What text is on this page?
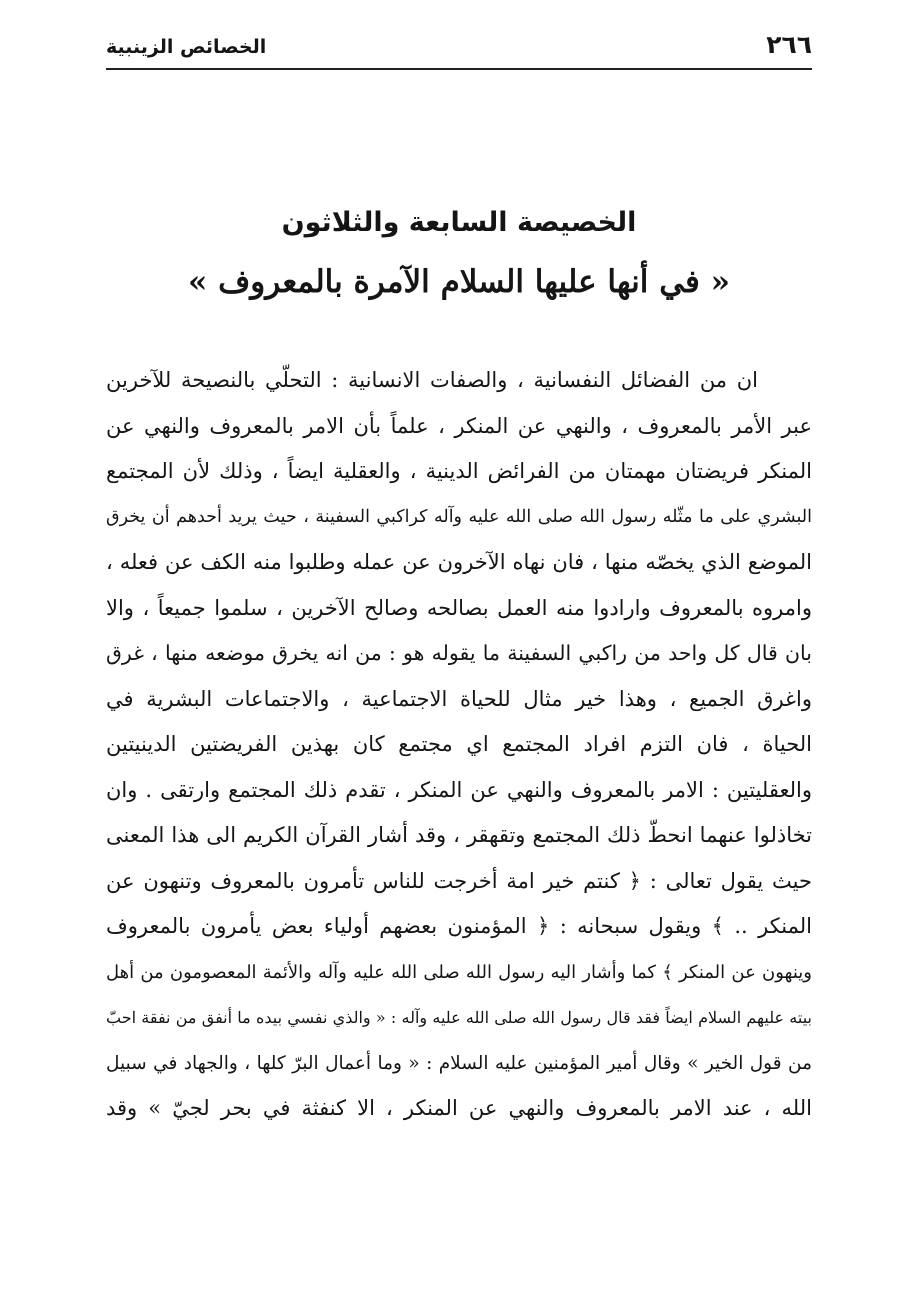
٢٦٦
الخصائص الزينبية
الخصيصة السابعة والثلاثون
« في أنها عليها السلام الآمرة بالمعروف »
ان من الفضائل النفسانية ، والصفات الانسانية : التحلّي بالنصيحة للآخرين
عبر الأمر بالمعروف ، والنهي عن المنكر ، علماً بأن الامر بالمعروف والنهي عن
المنكر فريضتان مهمتان من الفرائض الدينية ، والعقلية ايضاً ، وذلك لأن المجتمع
البشري على ما مثّله رسول الله صلى الله عليه وآله كراكبي السفينة ، حيث يريد أحدهم أن يخرق
الموضع الذي يخصّه منها ، فان نهاه الآخرون عن عمله وطلبوا منه الكف عن فعله ،
وامروه بالمعروف وارادوا منه العمل بصالحه وصالح الآخرين ، سلموا جميعاً ، والا
بان قال كل واحد من راكبي السفينة ما يقوله هو : من انه يخرق موضعه منها ، غرق
واغرق الجميع ، وهذا خير مثال للحياة الاجتماعية ، والاجتماعات البشرية في
الحياة ، فان التزم افراد المجتمع اي مجتمع كان بهذين الفريضتين الدينيتين
والعقليتين : الامر بالمعروف والنهي عن المنكر ، تقدم ذلك المجتمع وارتقى . وان
تخاذلوا عنهما انحطّ ذلك المجتمع وتقهقر ، وقد أشار القرآن الكريم الى هذا المعنى
حيث يقول تعالى : ﴿ كنتم خير امة أخرجت للناس تأمرون بالمعروف وتنهون عن
المنكر .. ﴾ ويقول سبحانه : ﴿ المؤمنون بعضهم أولياء بعض يأمرون بالمعروف
وينهون عن المنكر ﴾ كما وأشار اليه رسول الله صلى الله عليه وآله والأئمة المعصومون من أهل
بيته عليهم السلام ايضاً فقد قال رسول الله صلى الله عليه وآله : « والذي نفسي بيده ما أنفق من نفقة احبّ
من قول الخير » وقال أمير المؤمنين عليه السلام : « وما أعمال البرّ كلها ، والجهاد في سبيل
الله ، عند الامر بالمعروف والنهي عن المنكر ، الا كنفثة في بحر لجيّ » وقد
